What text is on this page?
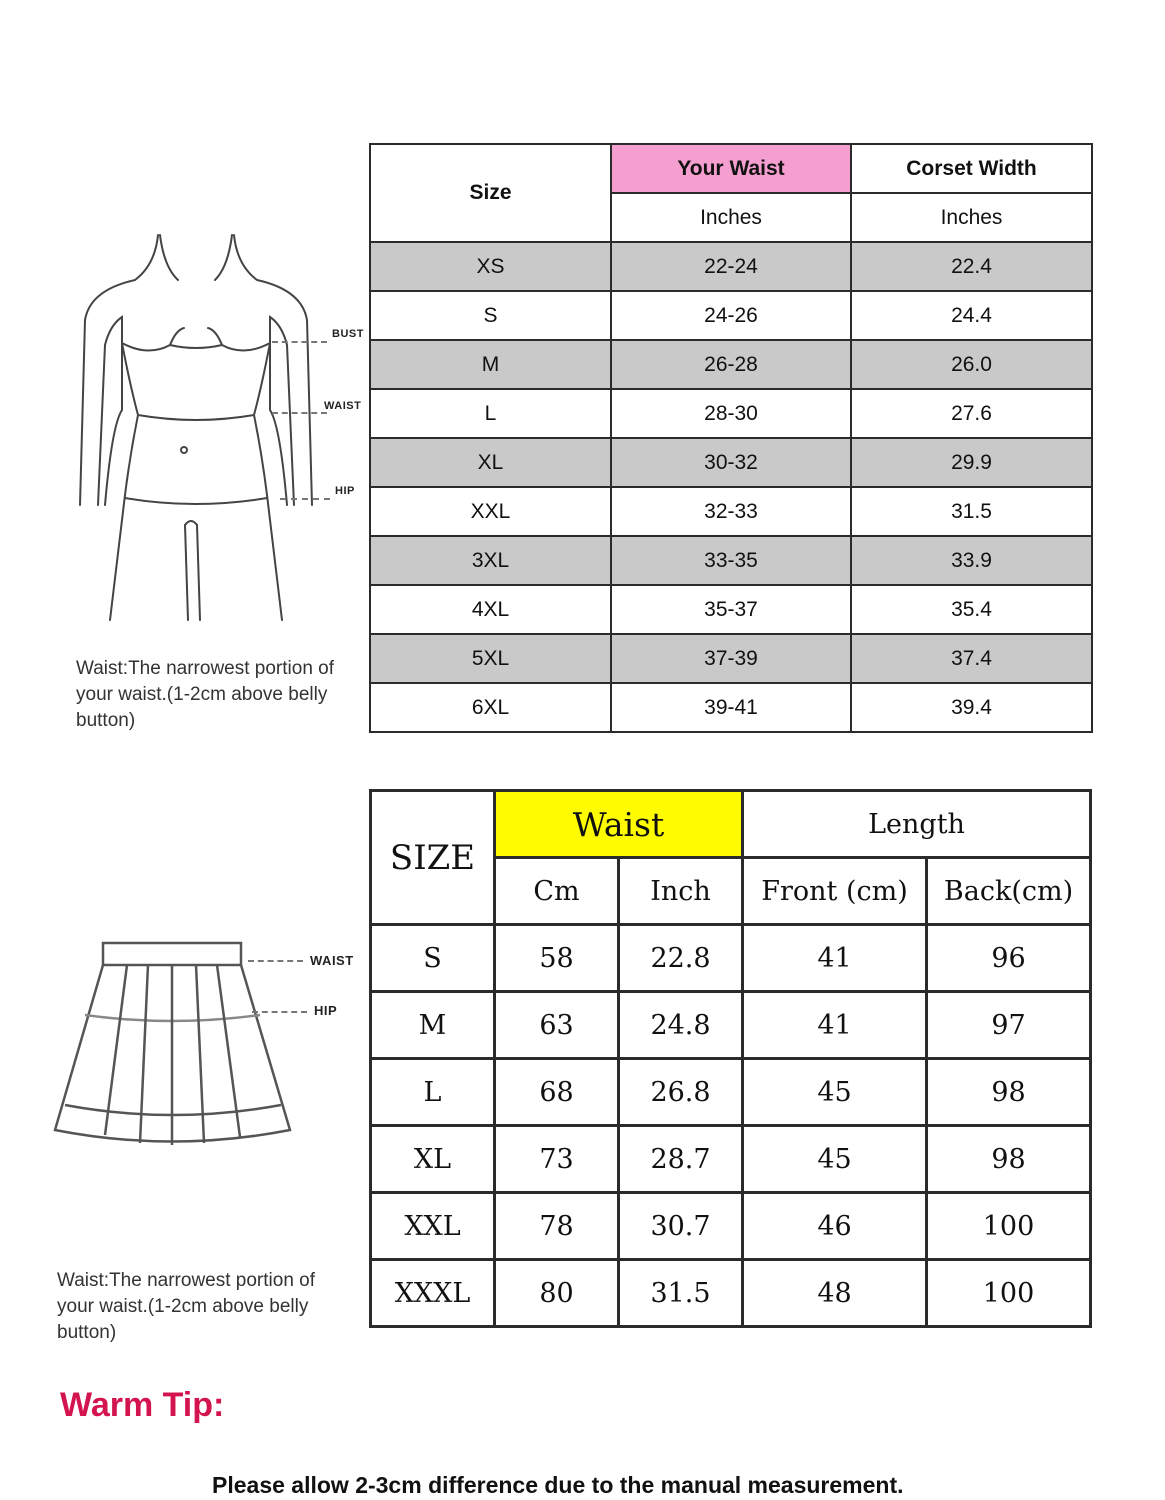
BUST
WAIST
HIP
Waist:The narrowest portion of your waist.(1-2cm above belly button)
Size	Your Waist	Corset Width
	Inches	Inches
XS	22-24	22.4
S	24-26	24.4
M	26-28	26.0
L	28-30	27.6
XL	30-32	29.9
XXL	32-33	31.5
3XL	33-35	33.9
4XL	35-37	35.4
5XL	37-39	37.4
6XL	39-41	39.4
WAIST
HIP
Waist:The narrowest portion of your waist.(1-2cm above belly button)
SIZE	Waist		Length	
	Cm	Inch	Front (cm)	Back(cm)
S	58	22.8	41	96
M	63	24.8	41	97
L	68	26.8	45	98
XL	73	28.7	45	98
XXL	78	30.7	46	100
XXXL	80	31.5	48	100
Warm Tip:
Please allow 2-3cm difference due to the manual measurement.
